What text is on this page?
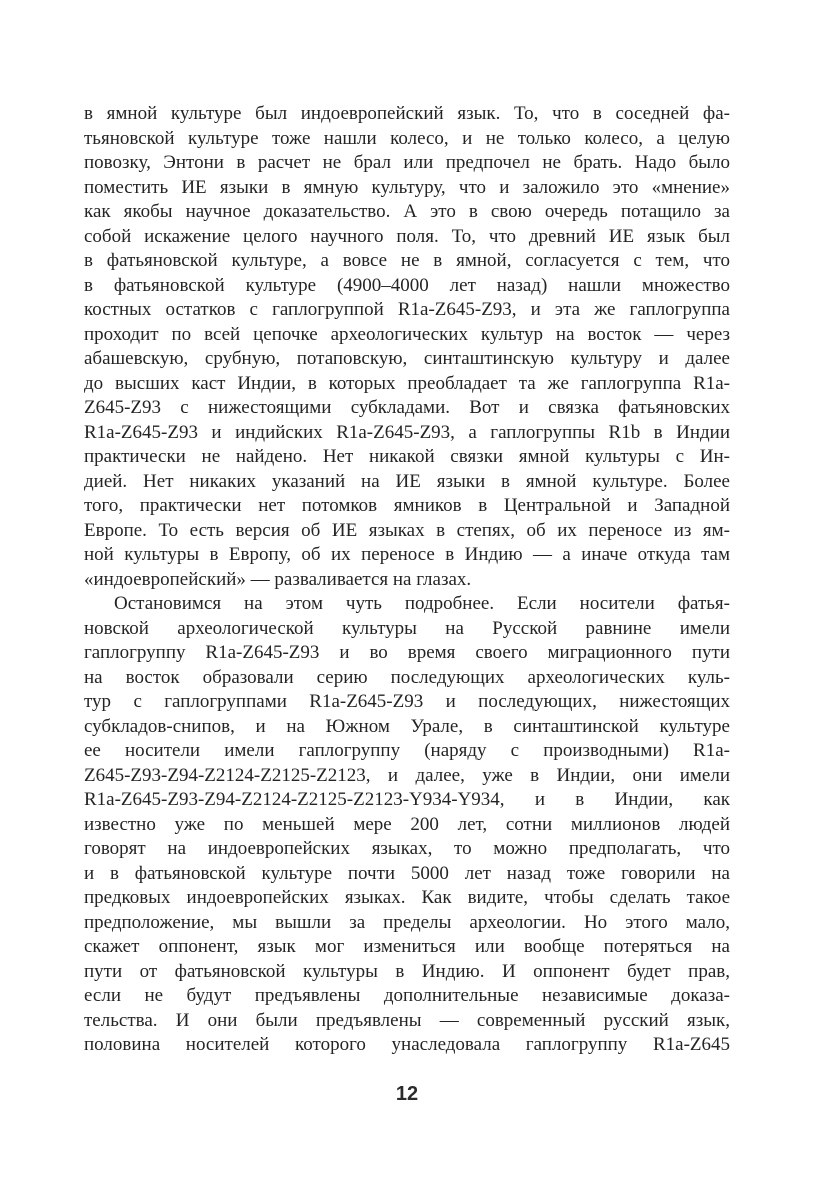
в ямной культуре был индоевропейский язык. То, что в соседней фа-
тьяновской культуре тоже нашли колесо, и не только колесо, а целую
повозку, Энтони в расчет не брал или предпочел не брать. Надо было
поместить ИЕ языки в ямную культуру, что и заложило это «мнение»
как якобы научное доказательство. А это в свою очередь потащило за
собой искажение целого научного поля. То, что древний ИЕ язык был
в фатьяновской культуре, а вовсе не в ямной, согласуется с тем, что
в фатьяновской культуре (4900–4000 лет назад) нашли множество
костных остатков с гаплогруппой R1a-Z645-Z93, и эта же гаплогруппа
проходит по всей цепочке археологических культур на восток — через
абашевскую, срубную, потаповскую, синташтинскую культуру и далее
до высших каст Индии, в которых преобладает та же гаплогруппа R1a-
Z645-Z93 с нижестоящими субкладами. Вот и связка фатьяновских
R1a-Z645-Z93 и индийских R1a-Z645-Z93, а гаплогруппы R1b в Индии
практически не найдено. Нет никакой связки ямной культуры с Ин-
дией. Нет никаких указаний на ИЕ языки в ямной культуре. Более
того, практически нет потомков ямников в Центральной и Западной
Европе. То есть версия об ИЕ языках в степях, об их переносе из ям-
ной культуры в Европу, об их переносе в Индию — а иначе откуда там
«индоевропейский» — разваливается на глазах.
Остановимся на этом чуть подробнее. Если носители фатья-
новской археологической культуры на Русской равнине имели
гаплогруппу R1a-Z645-Z93 и во время своего миграционного пути
на восток образовали серию последующих археологических куль-
тур с гаплогруппами R1a-Z645-Z93 и последующих, нижестоящих
субкладов-снипов, и на Южном Урале, в синташтинской культуре
ее носители имели гаплогруппу (наряду с производными) R1a-
Z645-Z93-Z94-Z2124-Z2125-Z2123, и далее, уже в Индии, они имели
R1a-Z645-Z93-Z94-Z2124-Z2125-Z2123-Y934-Y934, и в Индии, как
известно уже по меньшей мере 200 лет, сотни миллионов людей
говорят на индоевропейских языках, то можно предполагать, что
и в фатьяновской культуре почти 5000 лет назад тоже говорили на
предковых индоевропейских языках. Как видите, чтобы сделать такое
предположение, мы вышли за пределы археологии. Но этого мало,
скажет оппонент, язык мог измениться или вообще потеряться на
пути от фатьяновской культуры в Индию. И оппонент будет прав,
если не будут предъявлены дополнительные независимые доказа-
тельства. И они были предъявлены — современный русский язык,
половина носителей которого унаследовала гаплогруппу R1a-Z645
12
